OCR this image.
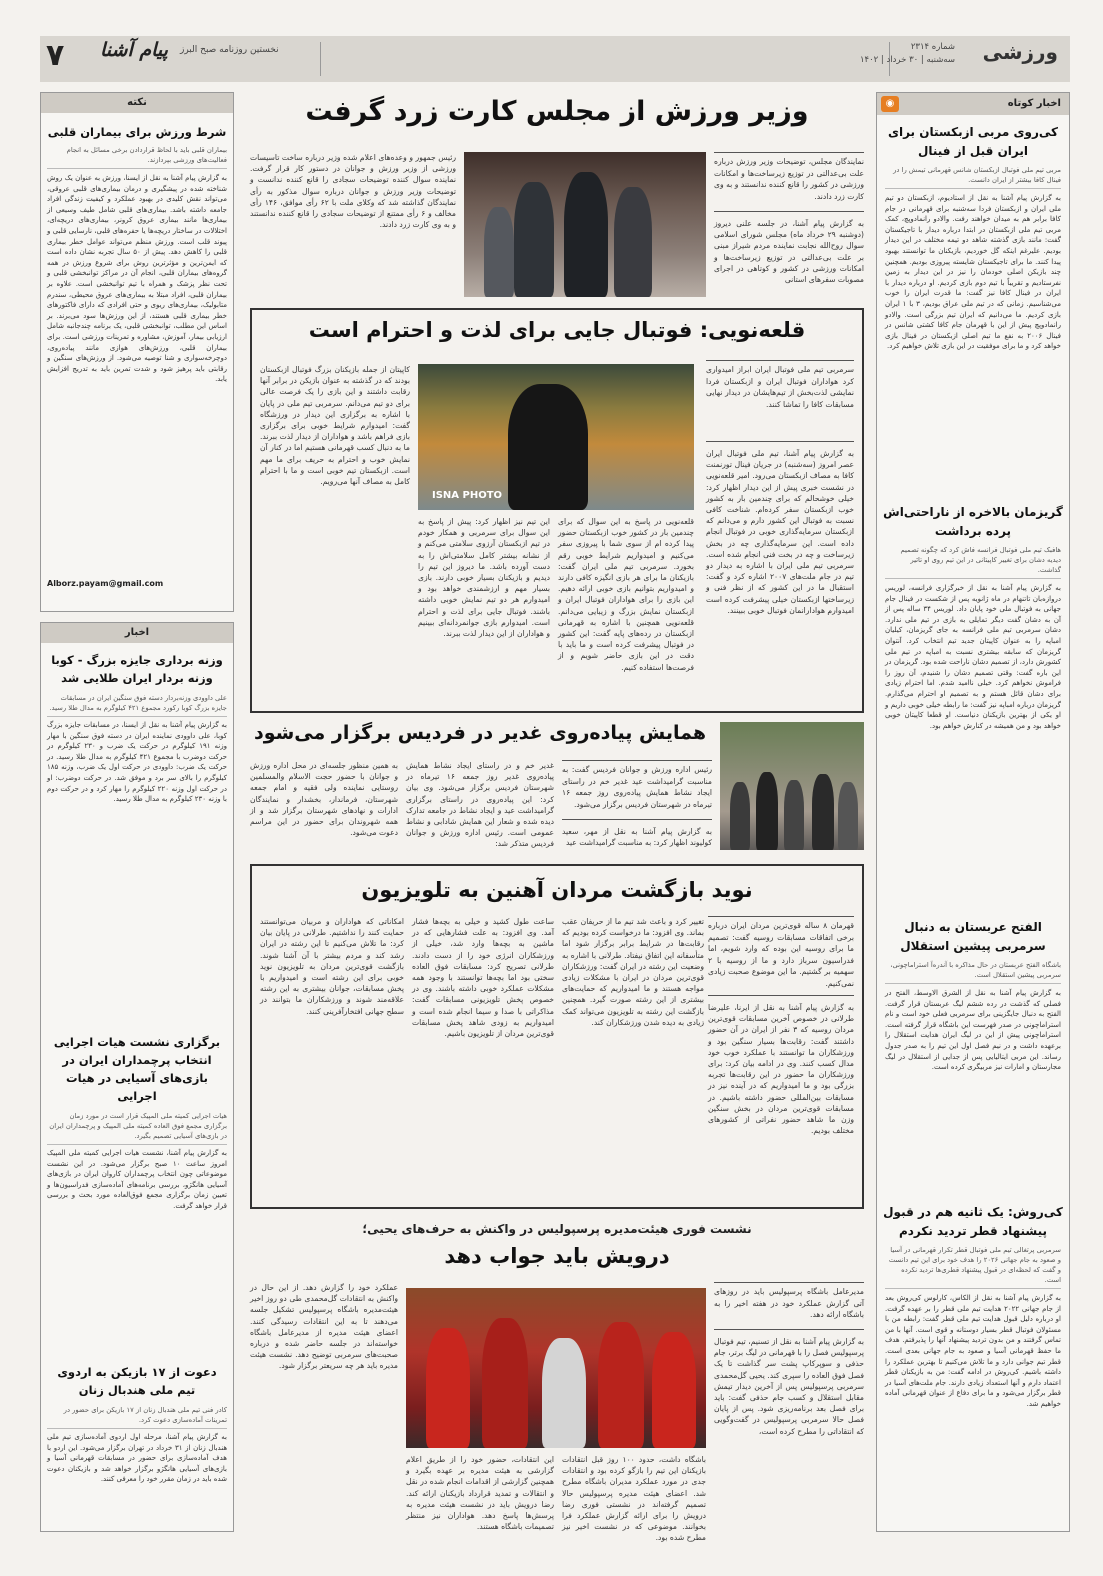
ورزشی
شماره ۲۳۱۴
سه‌شنبه | ۳۰ خرداد | ۱۴۰۲
نخستین روزنامه صبح البرز
پیام آشنا
۷
اخبار کوتاه
◉
کی‌روی مربی ازبکستان برای ایران قبل از فینال
مربی تیم ملی فوتبال ازبکستان شانس قهرمانی تیمش را در فینال کافا بیشتر از ایران دانست.
به گزارش پیام آشنا به نقل از استادیوم، ازبکستان دو تیم ملی ایران و ازبکستان فردا سه‌شنبه برای قهرمانی در جام کافا برابر هم به میدان خواهند رفت. والادو رانمادوپچ، کمک مربی تیم ملی ازبکستان در ابتدا درباره دیدار با تاجیکستان گفت: مانند بازی گذشته شاهد دو تیمه مختلف در این دیدار بودیم. علیرغم اینکه گل خوردیم، بازیکنان ما توانستند بهبود پیدا کنند. ما برای تاجیکستان شایسته پیروزی بودیم. همچنین چند بازیکن اصلی خودمان را نیز در این دیدار به زمین نفرستادیم و تقریباً با تیم دوم بازی کردیم. او درباره دیدار با ایران در فینال کافا نیز گفت: ما قدرت ایران را خوب می‌شناسیم. زمانی که در تیم ملی عراق بودیم، ۳ با ۱ ایران بازی کردیم. ما می‌دانیم که ایران تیم بزرگی است. والادو رانمادوپچ پیش از این با قهرمان جام کافا کشتی شانس در فینال ۲۰۰۶ به نفع ما تیم اصلی ازبکستان در فینال بازی خواهد کرد و ما برای موفقیت در این بازی تلاش خواهیم کرد.
گریزمان بالاخره از ناراحتی‌اش پرده برداشت
هافبک تیم ملی فوتبال فرانسه فاش کرد که چگونه تصمیم دیدیه دشان برای تغییر کاپیتانی در این تیم روی او تاثیر گذاشت.
به گزارش پیام آشنا به نقل از خبرگزاری فرانسه، لوریس دروازه‌بان تاتنهام در ماه ژانویه پس از شکست در فینال جام جهانی به فوتبال ملی خود پایان داد. لوریس ۳۴ ساله پس از آن به دشان گفت دیگر تمایلی به بازی در تیم ملی ندارد. دشان سرمربی تیم ملی فرانسه به جای گریزمان، کیلیان امباپه را به عنوان کاپیتان جدید تیم انتخاب کرد. آنتوان گریزمان که سابقه بیشتری نسبت به امباپه در تیم ملی کشورش دارد، از تصمیم دشان ناراحت شده بود. گریزمان در این باره گفت: وقتی تصمیم دشان را شنیدم، آن روز را فراموش نخواهم کرد. خیلی ناامید شدم. اما احترام زیادی برای دشان قائل هستم و به تصمیم او احترام می‌گذارم. گریزمان درباره امباپه نیز گفت: ما رابطه خیلی خوبی داریم و او یکی از بهترین بازیکنان دنیاست. او قطعا کاپیتان خوبی خواهد بود و من همیشه در کنارش خواهم بود.
الفتح عربستان به دنبال سرمربی پیشین استقلال
باشگاه الفتح عربستان در حال مذاکره با آندره‌آ استراماچونی، سرمربی پیشین استقلال است.
به گزارش پیام آشنا به نقل از الشرق الاوسط، الفتح در فصلی که گذشت در رده ششم لیگ عربستان قرار گرفت. الفتح به دنبال جایگزینی برای سرمربی فعلی خود است و نام استراماچونی در صدر فهرست این باشگاه قرار گرفته است. استراماچونی پیش از این در لیگ ایران هدایت استقلال را برعهده داشت و در نیم فصل اول این تیم را به صدر جدول رساند. این مربی ایتالیایی پس از جدایی از استقلال در لیگ مجارستان و امارات نیز مربیگری کرده است.
کی‌روش: یک ثانیه هم در قبول پیشنهاد قطر تردید نکردم
سرمربی پرتغالی تیم ملی فوتبال قطر تکرار قهرمانی در آسیا و صعود به جام جهانی ۲۰۲۶ را هدف خود برای این تیم دانست و گفت که لحظه‌ای در قبول پیشنهاد قطری‌ها تردید نکرده است.
به گزارش پیام آشنا به نقل از الکاس، کارلوس کی‌روش بعد از جام جهانی ۲۰۲۲ هدایت تیم ملی قطر را بر عهده گرفت. او درباره دلیل قبول هدایت تیم ملی قطر گفت: رابطه من با مسئولان فوتبال قطر بسیار دوستانه و قوی است. آنها با من تماس گرفتند و من بدون تردید پیشنهاد آنها را پذیرفتم. هدف ما حفظ قهرمانی آسیا و صعود به جام جهانی بعدی است. قطر تیم جوانی دارد و ما تلاش می‌کنیم تا بهترین عملکرد را داشته باشیم. کی‌روش در ادامه گفت: من به بازیکنان قطر اعتماد دارم و آنها استعداد زیادی دارند. جام ملت‌های آسیا در قطر برگزار می‌شود و ما برای دفاع از عنوان قهرمانی آماده خواهیم شد.
نکته
شرط ورزش برای بیماران قلبی
بیماران قلبی باید با لحاظ قراردادن برخی مسائل به انجام فعالیت‌های ورزشی بپردازند.
به گزارش پیام آشنا به نقل از ایسنا، ورزش به عنوان یک روش شناخته شده در پیشگیری و درمان بیماری‌های قلبی عروقی، می‌تواند نقش کلیدی در بهبود عملکرد و کیفیت زندگی افراد جامعه داشته باشد. بیماری‌های قلبی شامل طیف وسیعی از بیماری‌ها مانند بیماری عروق کرونر، بیماری‌های دریچه‌ای، اختلالات در ساختار دریچه‌ها یا حفره‌های قلبی، نارسایی قلبی و پیوند قلب است. ورزش منظم می‌تواند عوامل خطر بیماری قلبی را کاهش دهد. پیش از ۵۰ سال تجربه نشان داده است که ایمن‌ترین و مؤثرترین روش برای شروع ورزش در همه گروه‌های بیماران قلبی، انجام آن در مراکز توانبخشی قلبی و تحت نظر پزشک و همراه با تیم توانبخشی است. علاوه بر بیماران قلبی، افراد مبتلا به بیماری‌های عروق محیطی، سندرم متابولیک، بیماری‌های ریوی و حتی افرادی که دارای فاکتورهای خطر بیماری قلبی هستند، از این ورزش‌ها سود می‌برند. بر اساس این مطلب، توانبخشی قلبی، یک برنامه چندجانبه شامل ارزیابی بیمار، آموزش، مشاوره و تمرینات ورزشی است. برای بیماران قلبی، ورزش‌های هوازی مانند پیاده‌روی، دوچرخه‌سواری و شنا توصیه می‌شود. از ورزش‌های سنگین و رقابتی باید پرهیز شود و شدت تمرین باید به تدریج افزایش یابد.
Alborz.payam@gmail.com
اخبار
وزنه برداری جایزه بزرگ - کوبا
وزنه بردار ایران طلایی شد
علی داوودی وزنه‌بردار دسته فوق سنگین ایران در مسابقات جایزه بزرگ کوبا رکورد مجموع ۴۲۱ کیلوگرم به مدال طلا رسید.
به گزارش پیام آشنا به نقل از ایسنا، در مسابقات جایزه بزرگ کوبا، علی داوودی نماینده ایران در دسته فوق سنگین با مهار وزنه ۱۹۱ کیلوگرم در حرکت یک ضرب و ۲۳۰ کیلوگرم در حرکت دوضرب با مجموع ۴۲۱ کیلوگرم به مدال طلا رسید. در حرکت یک ضرب: داوودی در حرکت اول یک ضرب، وزنه ۱۸۵ کیلوگرم را بالای سر برد و موفق شد. در حرکت دوضرب: او در حرکت اول وزنه ۲۲۰ کیلوگرم را مهار کرد و در حرکت دوم با وزنه ۲۳۰ کیلوگرم به مدال طلا رسید.
برگزاری نشست هیات اجرایی
انتخاب پرچمداران ایران در بازی‌های آسیایی در هیات اجرایی
هیات اجرایی کمیته ملی المپیک قرار است در مورد زمان برگزاری مجمع فوق العاده کمیته ملی المپیک و پرچمداران ایران در بازی‌های آسیایی تصمیم بگیرد.
به گزارش پیام آشنا، نشست هیات اجرایی کمیته ملی المپیک امروز ساعت ۱۰ صبح برگزار می‌شود. در این نشست موضوعاتی چون انتخاب پرچمداران کاروان ایران در بازی‌های آسیایی هانگژو، بررسی برنامه‌های آماده‌سازی فدراسیون‌ها و تعیین زمان برگزاری مجمع فوق‌العاده مورد بحث و بررسی قرار خواهد گرفت.
دعوت از ۱۷ بازیکن به اردوی تیم ملی هندبال زنان
کادر فنی تیم ملی هندبال زنان از ۱۷ بازیکن برای حضور در تمرینات آماده‌سازی دعوت کرد.
به گزارش پیام آشنا، مرحله اول اردوی آماده‌سازی تیم ملی هندبال زنان از ۳۱ خرداد در تهران برگزار می‌شود. این اردو با هدف آماده‌سازی برای حضور در مسابقات قهرمانی آسیا و بازی‌های آسیایی هانگژو برگزار خواهد شد و بازیکنان دعوت شده باید در زمان مقرر خود را معرفی کنند.
وزیر ورزش از مجلس کارت زرد گرفت
نمایندگان مجلس، توضیحات وزیر ورزش درباره علت بی‌عدالتی در توزیع زیرساخت‌ها و امکانات ورزشی در کشور را قانع کننده ندانستند و به وی کارت زرد دادند.
به گزارش پیام آشنا، در جلسه علنی دیروز (دوشنبه ۲۹ خرداد ماه) مجلس شورای اسلامی سوال روح‌الله نجابت نماینده مردم شیراز مبنی بر علت بی‌عدالتی در توزیع زیرساخت‌ها و امکانات ورزشی در کشور و کوتاهی در اجرای مصوبات سفرهای استانی
رئیس جمهور و وعده‌های اعلام شده وزیر درباره ساخت تاسیسات ورزشی از وزیر ورزش و جوانان در دستور کار قرار گرفت. نماینده سوال کننده توضیحات سجادی را قانع کننده ندانست و توضیحات وزیر ورزش و جوانان درباره سوال مذکور به رأی نمایندگان گذاشته شد که وکلای ملت با ۶۲ رأی موافق، ۱۴۶ رأی مخالف و ۶ رأی ممتنع از توضیحات سجادی را قانع کننده ندانستند و به وی کارت زرد دادند.
قلعه‌نویی: فوتبال جایی برای لذت و احترام است
سرمربی تیم ملی فوتبال ایران ابراز امیدواری کرد هواداران فوتبال ایران و ازبکستان فردا نمایشی لذت‌بخش از تیم‌هایشان در دیدار نهایی مسابقات کافا را تماشا کنند.
ISNA PHOTO
به گزارش پیام آشنا، تیم ملی فوتبال ایران عصر امروز (سه‌شنبه) در جریان فینال تورنمنت کافا به مصاف ازبکستان می‌رود. امیر قلعه‌نویی در نشست خبری پیش از این دیدار اظهار کرد: خیلی خوشحالم که برای چندمین بار به کشور خوب ازبکستان سفر کرده‌ام. شناخت کافی نسبت به فوتبال این کشور دارم و می‌دانم که ازبکستان سرمایه‌گذاری خوبی در فوتبال انجام داده است. این سرمایه‌گذاری چه در بخش زیرساخت و چه در بخت فنی انجام شده است. سرمربی تیم ملی ایران با اشاره به دیدار دو تیم در جام ملت‌های ۲۰۰۷ اشاره کرد و گفت: استقبال ما در این کشور که از نظر فنی و زیرساختها ازبکستان خیلی پیشرفت کرده است امیدوارم هوادارانمان فوتبال خوبی ببینند.
قلعه‌نویی در پاسخ به این سوال که برای چندمین بار در کشور خوب ازبکستان حضور پیدا کرده ام از سوی شما با پیروزی سفر می‌کنیم و امیدواریم شرایط خوبی رقم بخورد. سرمربی تیم ملی ایران گفت: بازیکنان ما برای هر بازی انگیزه کافی دارند و امیدواریم بتوانیم بازی خوبی ارائه دهیم. این بازی را برای هواداران فوتبال ایران و ازبکستان نمایش بزرگ و زیبایی می‌دانم. قلعه‌نویی همچنین با اشاره به قهرمانی ازبکستان در رده‌های پایه گفت: این کشور در فوتبال پیشرفت کرده است و ما باید با دقت در این بازی حاضر شویم و از فرصت‌ها استفاده کنیم.
این تیم نیز اظهار کرد: پیش از پاسخ به این سوال برای سرمربی و همکار خودم در تیم ازبکستان آرزوی سلامتی می‌کنم و از نشانه بیشتر کامل سلامتی‌اش را به دست آورده باشد. ما دیروز این تیم را دیدیم و بازیکنان بسیار خوبی دارند. بازی بسیار مهم و ارزشمندی خواهد بود و امیدوارم هر دو تیم نمایش خوبی داشته باشند. فوتبال جایی برای لذت و احترام است. امیدوارم بازی جوانمردانه‌ای ببینیم و هواداران از این دیدار لذت ببرند.
کاپیتان از جمله بازیکنان بزرگ فوتبال ازبکستان بودند که در گذشته به عنوان بازیکن در برابر آنها رقابت داشتند و این بازی را یک فرصت عالی برای دو تیم می‌دانم. سرمربی تیم ملی در پایان با اشاره به برگزاری این دیدار در ورزشگاه گفت: امیدوارم شرایط خوبی برای برگزاری بازی فراهم باشد و هواداران از دیدار لذت ببرند. ما به دنبال کسب قهرمانی هستیم اما در کنار آن نمایش خوب و احترام به حریف برای ما مهم است. ازبکستان تیم خوبی است و ما با احترام کامل به مصاف آنها می‌رویم.
همایش پیاده‌روی غدیر در فردیس برگزار می‌شود
رئیس اداره ورزش و جوانان فردیس گفت: به مناسبت گرامیداشت عید غدیر خم در راستای ایجاد نشاط همایش پیاده‌روی روز جمعه ۱۶ تیرماه در شهرستان فردیس برگزار می‌شود.
به گزارش پیام آشنا به نقل از مهر، سعید کولیوند اظهار کرد: به مناسبت گرامیداشت عید
غدیر خم و در راستای ایجاد نشاط همایش پیاده‌روی غدیر روز جمعه ۱۶ تیرماه در شهرستان فردیس برگزار می‌شود. وی بیان کرد: این پیاده‌روی در راستای برگزاری گرامیداشت عید و ایجاد نشاط در جامعه تدارک دیده شده و شعار این همایش شادابی و نشاط عمومی است. رئیس اداره ورزش و جوانان فردیس متذکر شد:
به همین منظور جلسه‌ای در محل اداره ورزش و جوانان با حضور حجت الاسلام والمسلمین روستایی نماینده ولی فقیه و امام جمعه شهرستان، فرماندار، بخشدار و نمایندگان ادارات و نهادهای شهرستان برگزار شد و از همه شهروندان برای حضور در این مراسم دعوت می‌شود.
نوید بازگشت مردان آهنین به تلویزیون
قهرمان ۸ ساله قوی‌ترین مردان ایران درباره برخی اتفاقات مسابقات روسیه گفت: تصمیم ما برای روسیه این بوده که وارد شویم، اما فدراسیون سرباز دارد و ما از روسیه با ۲ سهمیه بر گشتیم. ما این موضوع صحبت زیادی نمی‌کنیم.
به گزارش پیام آشنا به نقل از ایرنا، علیرضا طرلانی در خصوص آخرین مسابقات قوی‌ترین مردان روسیه که ۳ نفر از ایران در آن حضور داشتند گفت: رقابت‌ها بسیار سنگین بود و ورزشکاران ما توانستند با عملکرد خوب خود مدال کسب کنند. وی در ادامه بیان کرد: برای ورزشکاران ما حضور در این رقابت‌ها تجربه بزرگی بود و ما امیدواریم که در آینده نیز در مسابقات بین‌المللی حضور داشته باشیم. در مسابقات قوی‌ترین مردان در بخش سنگین وزن ما شاهد حضور نفراتی از کشورهای مختلف بودیم.
تغییر کرد و باعث شد تیم ما از حریفان عقب بماند. وی افزود: ما درخواست کرده بودیم که رقابت‌ها در شرایط برابر برگزار شود اما متأسفانه این اتفاق نیفتاد. طرلانی با اشاره به وضعیت این رشته در ایران گفت: ورزشکاران قوی‌ترین مردان در ایران با مشکلات زیادی مواجه هستند و ما امیدواریم که حمایت‌های بیشتری از این رشته صورت گیرد. همچنین بازگشت این رشته به تلویزیون می‌تواند کمک زیادی به دیده شدن ورزشکاران کند.
ساعت طول کشید و خیلی به بچه‌ها فشار آمد. وی افزود: به علت فشارهایی که در ماشین به بچه‌ها وارد شد، خیلی از ورزشکاران انرژی خود را از دست دادند. طرلانی تصریح کرد: مسابقات فوق العاده سختی بود اما بچه‌ها توانستند با وجود همه مشکلات عملکرد خوبی داشته باشند. وی در خصوص پخش تلویزیونی مسابقات گفت: مذاکراتی با صدا و سیما انجام شده است و امیدواریم به زودی شاهد پخش مسابقات قوی‌ترین مردان از تلویزیون باشیم.
امکاناتی که هواداران و مربیان می‌توانستند حمایت کنند را نداشتیم. طرلانی در پایان بیان کرد: ما تلاش می‌کنیم تا این رشته در ایران رشد کند و مردم بیشتر با آن آشنا شوند. بازگشت قوی‌ترین مردان به تلویزیون نوید خوبی برای این رشته است و امیدواریم با پخش مسابقات، جوانان بیشتری به این رشته علاقه‌مند شوند و ورزشکاران ما بتوانند در سطح جهانی افتخارآفرینی کنند.
نشست فوری هیئت‌مدیره پرسپولیس در واکنش به حرف‌های یحیی؛
درویش باید جواب دهد
مدیرعامل باشگاه پرسپولیس باید در روزهای آتی گزارش عملکرد خود در هفته اخیر را به باشگاه ارائه دهد.
به گزارش پیام آشنا به نقل از تسنیم، تیم فوتبال پرسپولیس فصل را با قهرمانی در لیگ برتر، جام حذفی و سوپرکاپ پشت سر گذاشت تا یک فصل فوق العاده را سپری کند. یحیی گل‌محمدی سرمربی پرسپولیس پس از آخرین دیدار تیمش مقابل استقلال و کسب جام حذفی گفت: باید برای فصل بعد برنامه‌ریزی شود. پس از پایان فصل حالا سرمربی پرسپولیس در گفت‌وگویی که انتقاداتی را مطرح کرده است،
باشگاه داشت، حدود ۱۰۰ روز قبل انتقادات بازیکنان این تیم را بازگو کرده بود و انتقادات جدی در مورد عملکرد مدیران باشگاه مطرح شد. اعضای هیئت مدیره پرسپولیس حالا تصمیم گرفته‌اند در نشستی فوری رضا درویش را برای ارائه گزارش عملکرد فرا بخوانند. موضوعی که در نشست اخیر نیز مطرح شده بود.
این انتقادات، حضور خود را از طریق اعلام گزارشی به هیئت مدیره بر عهده بگیرد و همچنین گزارشی از اقدامات انجام شده در نقل و انتقالات و تمدید قرارداد بازیکنان ارائه کند. رضا درویش باید در نشست هیئت مدیره به پرسش‌ها پاسخ دهد. هواداران نیز منتظر تصمیمات باشگاه هستند.
عملکرد خود را گزارش دهد. از این حال در واکنش به انتقادات گل‌محمدی طی دو روز اخیر هیئت‌مدیره باشگاه پرسپولیس تشکیل جلسه می‌دهند تا به این انتقادات رسیدگی کنند. اعضای هیئت مدیره از مدیرعامل باشگاه خواسته‌اند در جلسه حاضر شده و درباره صحبت‌های سرمربی توضیح دهد. نشست هیئت مدیره باید هر چه سریعتر برگزار شود.
